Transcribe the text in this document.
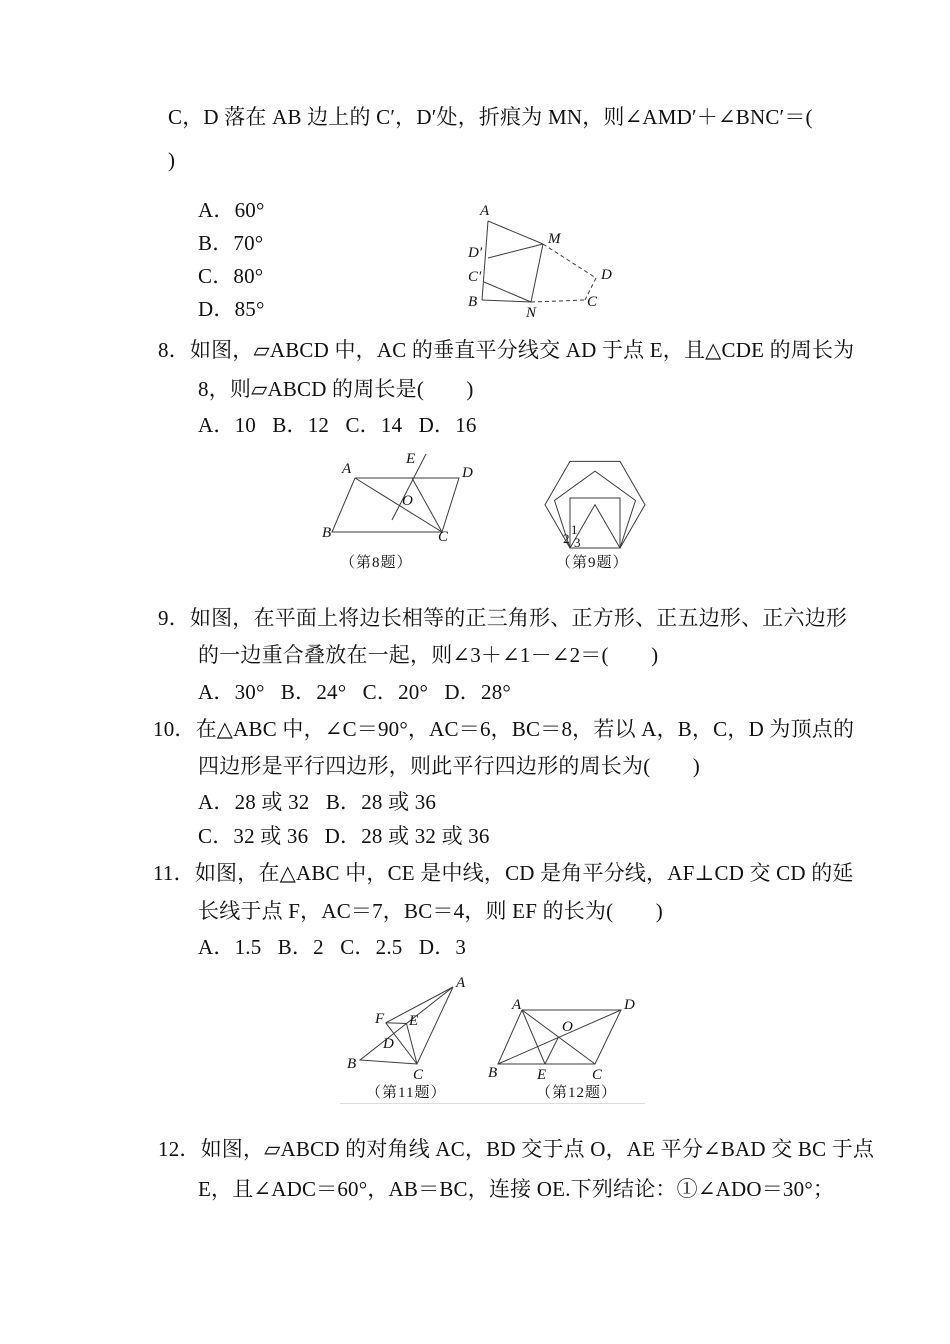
C，D 落在 AB 边上的 C′，D′处，折痕为 MN，则∠AMD′＋∠BNC′＝(
)
A．60°
B．70°
C．80°
D．85°
A
M
D′
C′
B
N
D
C
8．如图，▱ABCD 中，AC 的垂直平分线交 AD 于点 E，且△CDE 的周长为
8，则▱ABCD 的周长是(　　)
A．10   B．12   C．14   D．16
A
E
D
O
B	C	1
2 3
（第8题）	（第9题）
9．如图，在平面上将边长相等的正三角形、正方形、正五边形、正六边形
的一边重合叠放在一起，则∠3＋∠1－∠2＝(　　)
A．30°   B．24°   C．20°   D．28°
10．在△ABC 中，∠C＝90°，AC＝6，BC＝8，若以 A，B，C，D 为顶点的
四边形是平行四边形，则此平行四边形的周长为(　　)
A．28 或 32   B．28 或 36
C．32 或 36   D．28 或 32 或 36
11．如图，在△ABC 中，CE 是中线，CD 是角平分线，AF⊥CD 交 CD 的延
长线于点 F，AC＝7，BC＝4，则 EF 的长为(　　)
A．1.5   B．2   C．2.5   D．3
A
F E
D
B
C
A	D
O
B	E	C
（第11题）	（第12题）
12．如图，▱ABCD 的对角线 AC，BD 交于点 O，AE 平分∠BAD 交 BC 于点
E，且∠ADC＝60°，AB＝BC，连接 OE.下列结论：①∠ADO＝30°；
